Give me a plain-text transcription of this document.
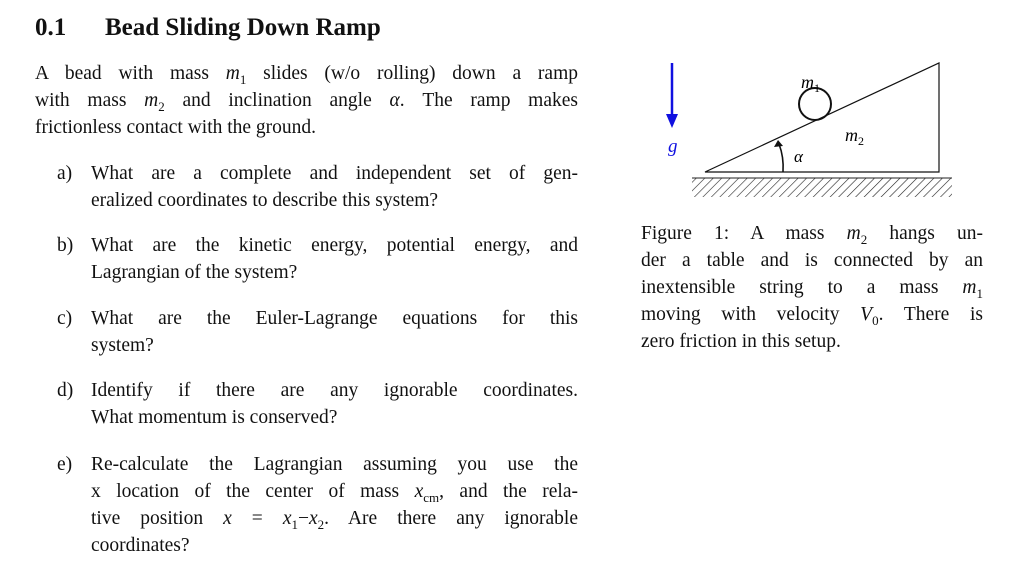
0.1 Bead Sliding Down Ramp
A bead with mass $m_1$ slides (w/o rolling) down a ramp
with mass $m_2$ and inclination angle α. The ramp makes
frictionless contact with the ground.
a) What are a complete and independent set of gen-
eralized coordinates to describe this system?
b) What are the kinetic energy, potential energy, and
Lagrangian of the system?
c) What are the Euler-Lagrange equations for this
system?
d) Identify if there are any ignorable coordinates.
What momentum is conserved?
e) Re-calculate the Lagrangian assuming you use the
x location of the center of mass $x_{cm}$, and the rela-
tive position $x = x_1-x_2$. Are there any ignorable
coordinates?
Figure 1: A mass $m_2$ hangs un-
der a table and is connected by an
inextensible string to a mass $m_1$
moving with velocity $V_0$. There is
zero friction in this setup.
g
$m_1$
$m_2$
α
